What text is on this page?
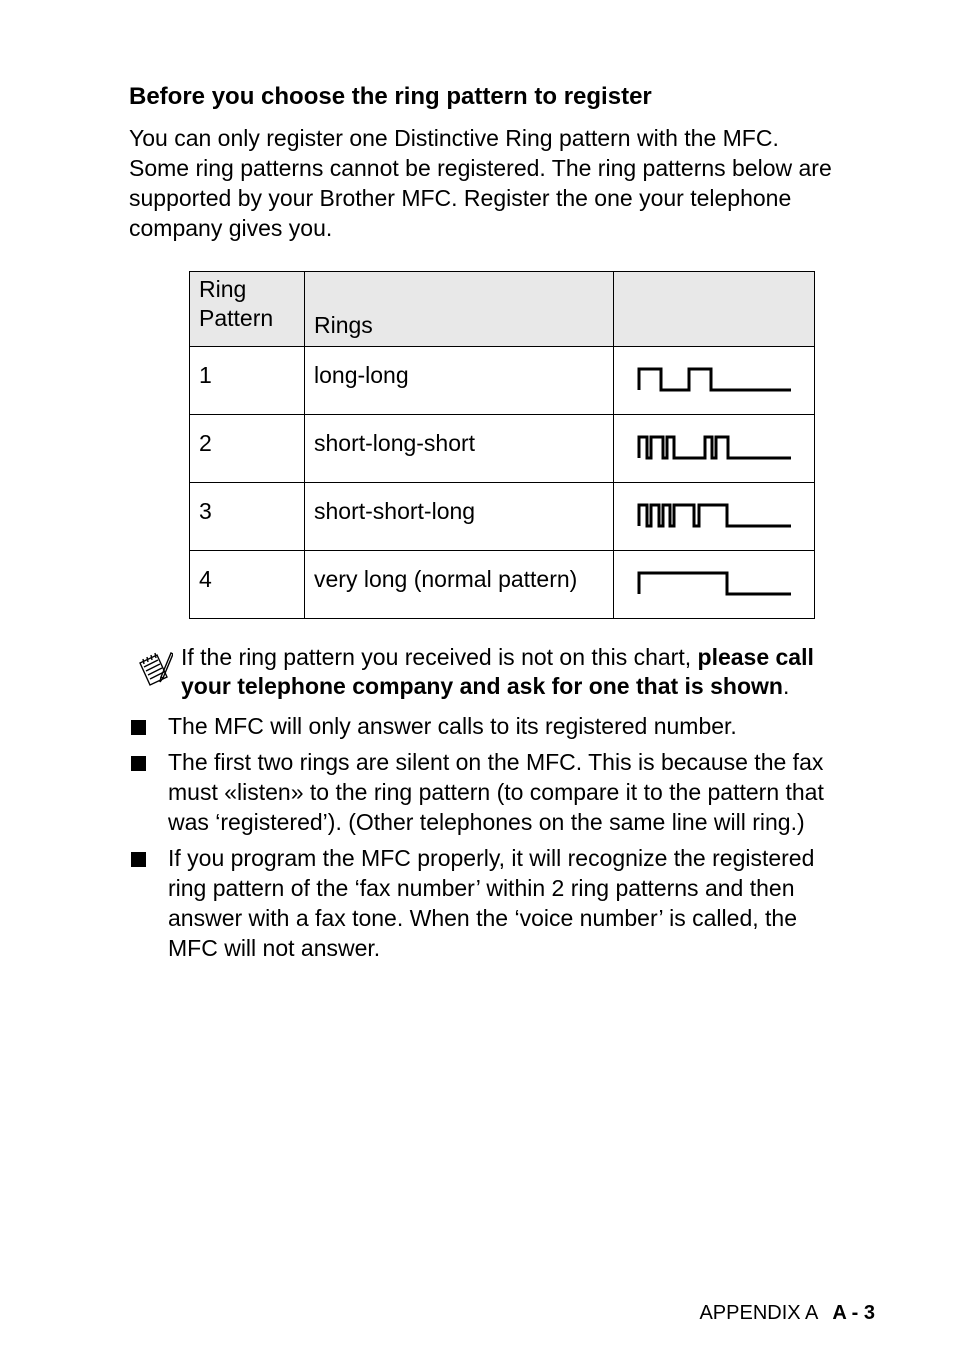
Before you choose the ring pattern to register

You can only register one Distinctive Ring pattern with the MFC.
Some ring patterns cannot be registered. The ring patterns below are
supported by your Brother MFC. Register the one your telephone
company gives you.

Ring
Pattern	Rings	

1	long-long

2	short-long-short

3	short-short-long

4	very long (normal pattern)

If the ring pattern you received is not on this chart, please call
your telephone company and ask for one that is shown.

The MFC will only answer calls to its registered number.
The first two rings are silent on the MFC. This is because the fax
must «listen» to the ring pattern (to compare it to the pattern that
was ‘registered’). (Other telephones on the same line will ring.)
If you program the MFC properly, it will recognize the registered
ring pattern of the ‘fax number’ within 2 ring patterns and then
answer with a fax tone. When the ‘voice number’ is called, the
MFC will not answer.
APPENDIX A A - 3
